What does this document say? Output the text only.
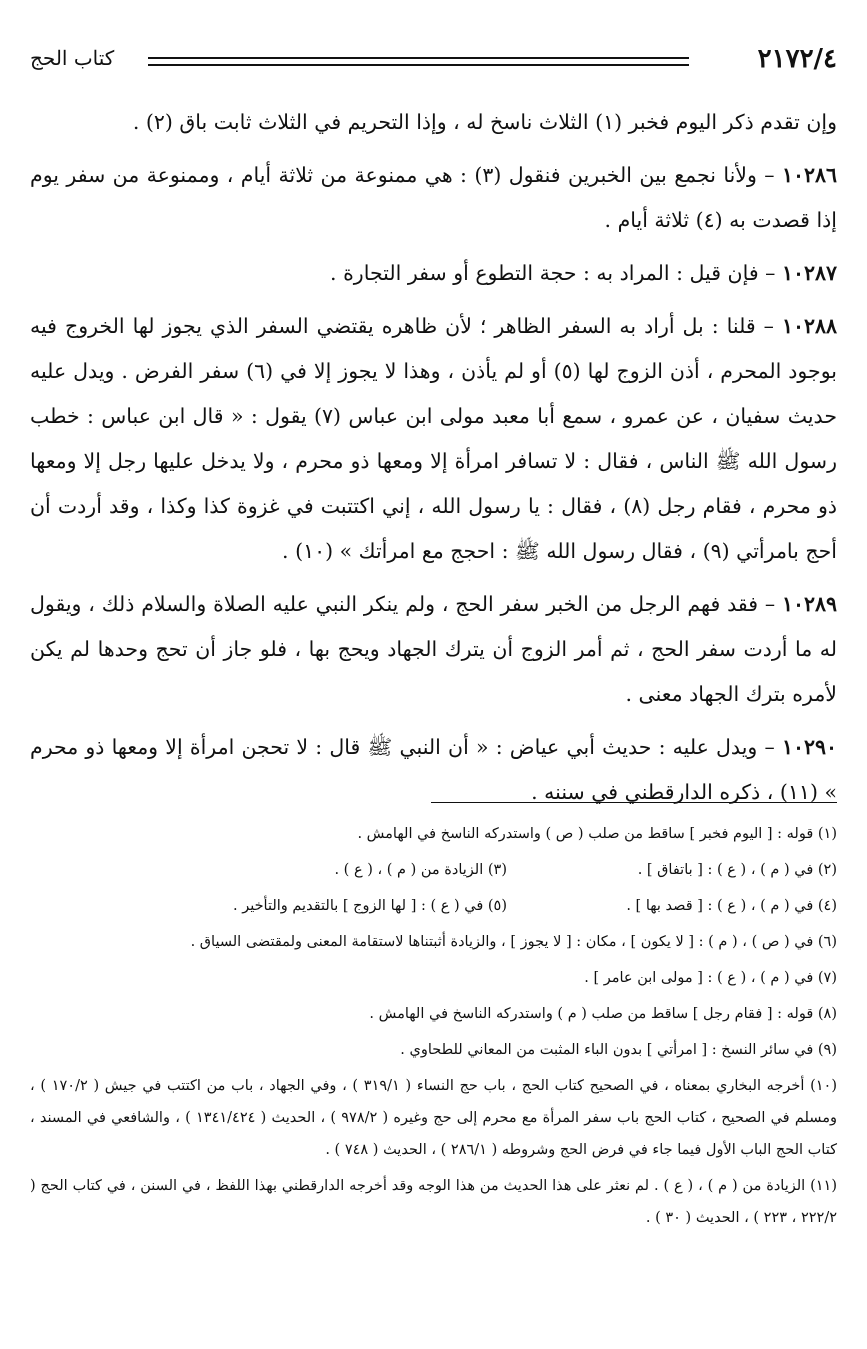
٢١٧٢/٤
كتاب الحج

وإن تقدم ذكر اليوم فخبر (١) الثلاث ناسخ له ، وإذا التحريم في الثلاث ثابت باق (٢) .

١٠٢٨٦ – ولأنا نجمع بين الخبرين فنقول (٣) : هي ممنوعة من ثلاثة أيام ، وممنوعة من سفر يوم إذا قصدت به (٤) ثلاثة أيام .

١٠٢٨٧ – فإن قيل : المراد به : حجة التطوع أو سفر التجارة .

١٠٢٨٨ – قلنا : بل أراد به السفر الظاهر ؛ لأن ظاهره يقتضي السفر الذي يجوز لها الخروج فيه بوجود المحرم ، أذن الزوج لها (٥) أو لم يأذن ، وهذا لا يجوز إلا في (٦) سفر الفرض . ويدل عليه حديث سفيان ، عن عمرو ، سمع أبا معبد مولى ابن عباس (٧) يقول : « قال ابن عباس : خطب رسول الله ﷺ الناس ، فقال : لا تسافر امرأة إلا ومعها ذو محرم ، ولا يدخل عليها رجل إلا ومعها ذو محرم ، فقام رجل (٨) ، فقال : يا رسول الله ، إني اكتتبت في غزوة كذا وكذا ، وقد أردت أن أحج بامرأتي (٩) ، فقال رسول الله ﷺ : احجج مع امرأتك » (١٠) .

١٠٢٨٩ – فقد فهم الرجل من الخبر سفر الحج ، ولم ينكر النبي عليه الصلاة والسلام ذلك ، ويقول له ما أردت سفر الحج ، ثم أمر الزوج أن يترك الجهاد ويحج بها ، فلو جاز أن تحج وحدها لم يكن لأمره بترك الجهاد معنى .

١٠٢٩٠ – ويدل عليه : حديث أبي عياض : « أن النبي ﷺ قال : لا تحجن امرأة إلا ومعها ذو محرم » (١١) ، ذكره الدارقطني في سننه .

(١) قوله : [ اليوم فخبر ] ساقط من صلب ( ص ) واستدركه الناسخ في الهامش .

(٢) في ( م ) ، ( ع ) : [ باتفاق ] .
(٣) الزيادة من ( م ) ، ( ع ) .
(٤) في ( م ) ، ( ع ) : [ قصد بها ] .
(٥) في ( ع ) : [ لها الزوج ] بالتقديم والتأخير .

(٦) في ( ص ) ، ( م ) : [ لا يكون ] ، مكان : [ لا يجوز ] ، والزيادة أثبتناها لاستقامة المعنى ولمقتضى السياق .

(٧) في ( م ) ، ( ع ) : [ مولى ابن عامر ] .

(٨) قوله : [ فقام رجل ] ساقط من صلب ( م ) واستدركه الناسخ في الهامش .

(٩) في سائر النسخ : [ امرأتي ] بدون الباء المثبت من المعاني للطحاوي .

(١٠) أخرجه البخاري بمعناه ، في الصحيح كتاب الحج ، باب حج النساء ( ٣١٩/١ ) ، وفي الجهاد ، باب من اكتتب في جيش ( ١٧٠/٢ ) ، ومسلم في الصحيح ، كتاب الحج باب سفر المرأة مع محرم إلى حج وغيره ( ٩٧٨/٢ ) ، الحديث ( ١٣٤١/٤٢٤ ) ، والشافعي في المسند ، كتاب الحج الباب الأول فيما جاء في فرض الحج وشروطه ( ٢٨٦/١ ) ، الحديث ( ٧٤٨ ) .

(١١) الزيادة من ( م ) ، ( ع ) . لم نعثر على هذا الحديث من هذا الوجه وقد أخرجه الدارقطني بهذا اللفظ ، في السنن ، في كتاب الحج ( ٢٢٢/٢ ، ٢٢٣ ) ، الحديث ( ٣٠ ) .
